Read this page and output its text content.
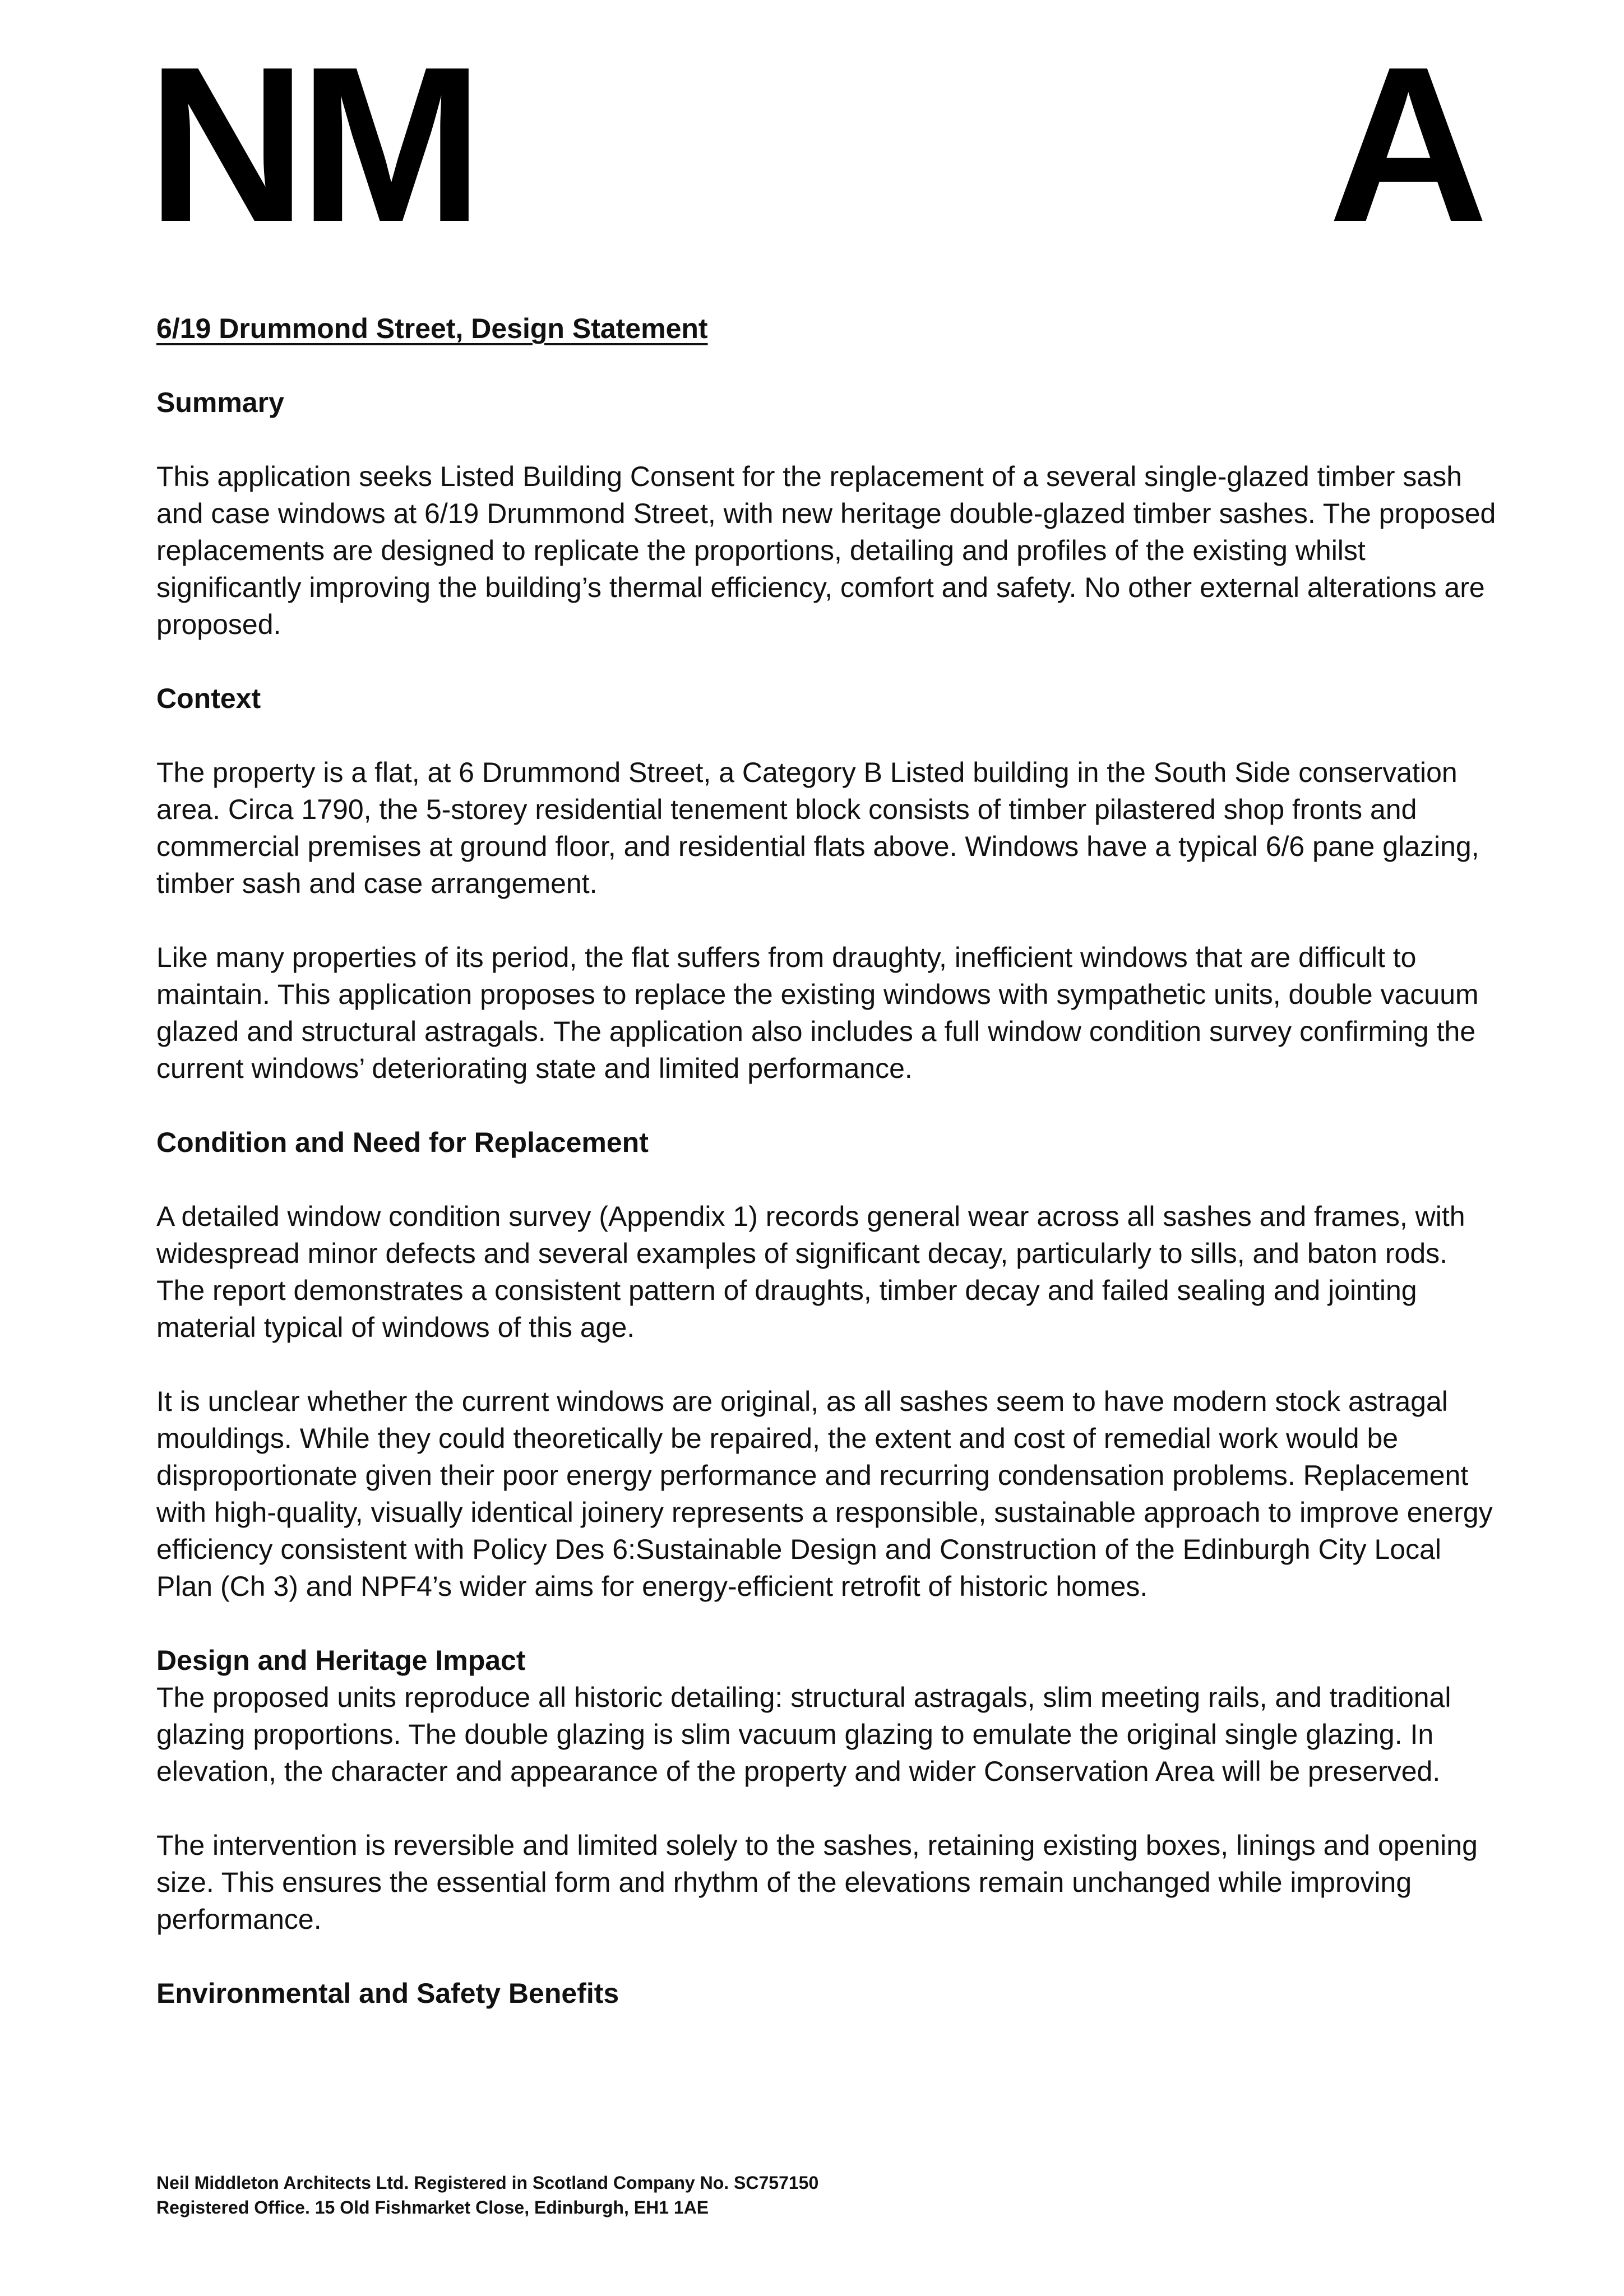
NM	A

6/19 Drummond Street, Design Statement

Summary

This application seeks Listed Building Consent for the replacement of a several single-glazed timber sash and case windows at 6/19 Drummond Street, with new heritage double-glazed timber sashes. The proposed replacements are designed to replicate the proportions, detailing and profiles of the existing whilst significantly improving the building’s thermal efficiency, comfort and safety. No other external alterations are proposed.

Context

The property is a flat, at 6 Drummond Street, a Category B Listed building in the South Side conservation area. Circa 1790, the 5-storey residential tenement block consists of timber pilastered shop fronts and commercial premises at ground floor, and residential flats above. Windows have a typical 6/6 pane glazing, timber sash and case arrangement.

Like many properties of its period, the flat suffers from draughty, inefficient windows that are difficult to maintain. This application proposes to replace the existing windows with sympathetic units, double vacuum glazed and structural astragals. The application also includes a full window condition survey confirming the current windows’ deteriorating state and limited performance.

Condition and Need for Replacement

A detailed window condition survey (Appendix 1) records general wear across all sashes and frames, with widespread minor defects and several examples of significant decay, particularly to sills, and baton rods. The report demonstrates a consistent pattern of draughts, timber decay and failed sealing and jointing material typical of windows of this age.

It is unclear whether the current windows are original, as all sashes seem to have modern stock astragal mouldings. While they could theoretically be repaired, the extent and cost of remedial work would be disproportionate given their poor energy performance and recurring condensation problems. Replacement with high-quality, visually identical joinery represents a responsible, sustainable approach to improve energy efficiency consistent with Policy Des 6:Sustainable Design and Construction of the Edinburgh City Local Plan (Ch 3) and NPF4’s wider aims for energy-efficient retrofit of historic homes.

Design and Heritage Impact

The proposed units reproduce all historic detailing: structural astragals, slim meeting rails, and traditional glazing proportions. The double glazing is slim vacuum glazing to emulate the original single glazing. In elevation, the character and appearance of the property and wider Conservation Area will be preserved.

The intervention is reversible and limited solely to the sashes, retaining existing boxes, linings and opening size. This ensures the essential form and rhythm of the elevations remain unchanged while improving performance.

Environmental and Safety Benefits

Neil Middleton Architects Ltd. Registered in Scotland Company No. SC757150

Registered Office. 15 Old Fishmarket Close, Edinburgh, EH1 1AE
